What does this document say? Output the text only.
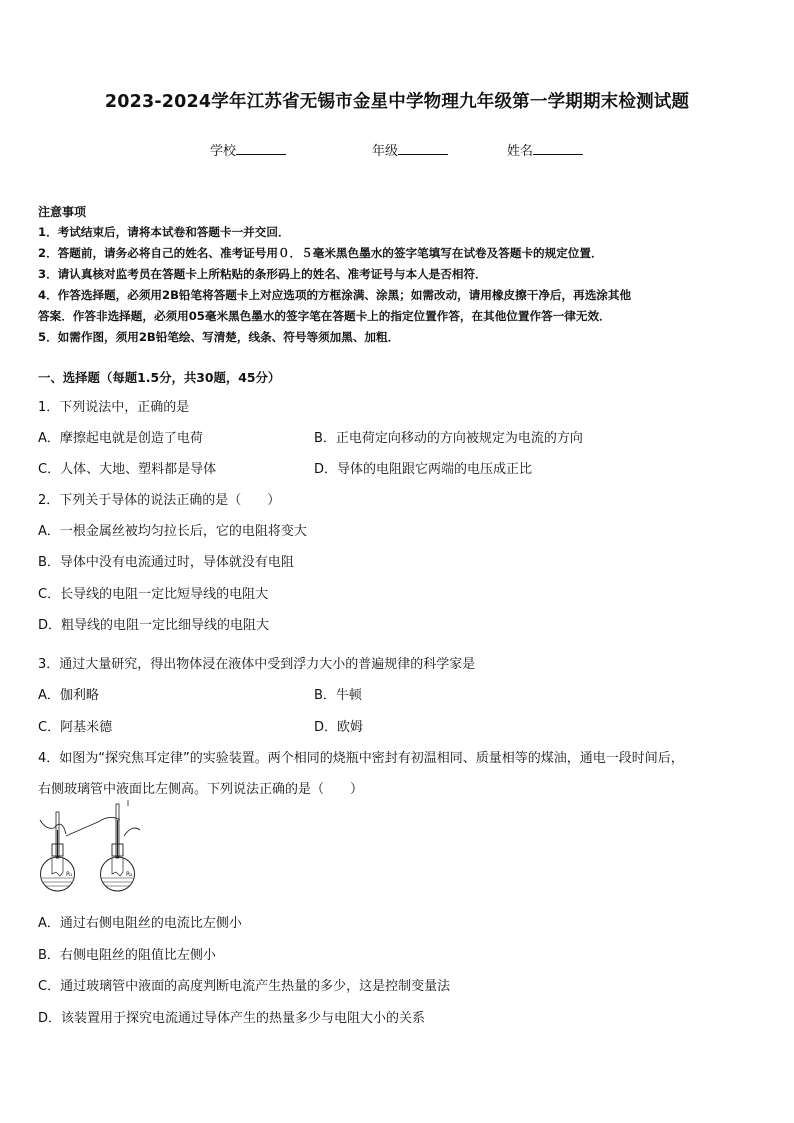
2023-2024学年江苏省无锡市金星中学物理九年级第一学期期末检测试题
学校	年级	姓名
注意事项
1．考试结束后，请将本试卷和答题卡一并交回．
2．答题前，请务必将自己的姓名、准考证号用０．５毫米黑色墨水的签字笔填写在试卷及答题卡的规定位置．
3．请认真核对监考员在答题卡上所粘贴的条形码上的姓名、准考证号与本人是否相符．
4．作答选择题，必须用2B铅笔将答题卡上对应选项的方框涂满、涂黑；如需改动，请用橡皮擦干净后，再选涂其他
答案．作答非选择题，必须用05毫米黑色墨水的签字笔在答题卡上的指定位置作答，在其他位置作答一律无效．
5．如需作图，须用2B铅笔绘、写清楚，线条、符号等须加黑、加粗．
一、选择题（每题1.5分，共30题，45分）
1．下列说法中，正确的是
A．摩擦起电就是创造了电荷	B．正电荷定向移动的方向被规定为电流的方向
C．人体、大地、塑料都是导体	D．导体的电阻跟它两端的电压成正比
2．下列关于导体的说法正确的是（　　）
A．一根金属丝被均匀拉长后，它的电阻将变大
B．导体中没有电流通过时，导体就没有电阻
C．长导线的电阻一定比短导线的电阻大
D．粗导线的电阻一定比细导线的电阻大
3．通过大量研究，得出物体浸在液体中受到浮力大小的普遍规律的科学家是
A．伽利略	B．牛顿
C．阿基米德	D．欧姆
4．如图为“探究焦耳定律”的实验装置。两个相同的烧瓶中密封有初温相同、质量相等的煤油，通电一段时间后，
右侧玻璃管中液面比左侧高。下列说法正确的是（　　）
R₁	R₂
A．通过右侧电阻丝的电流比左侧小
B．右侧电阻丝的阻值比左侧小
C．通过玻璃管中液面的高度判断电流产生热量的多少，这是控制变量法
D．该装置用于探究电流通过导体产生的热量多少与电阻大小的关系
